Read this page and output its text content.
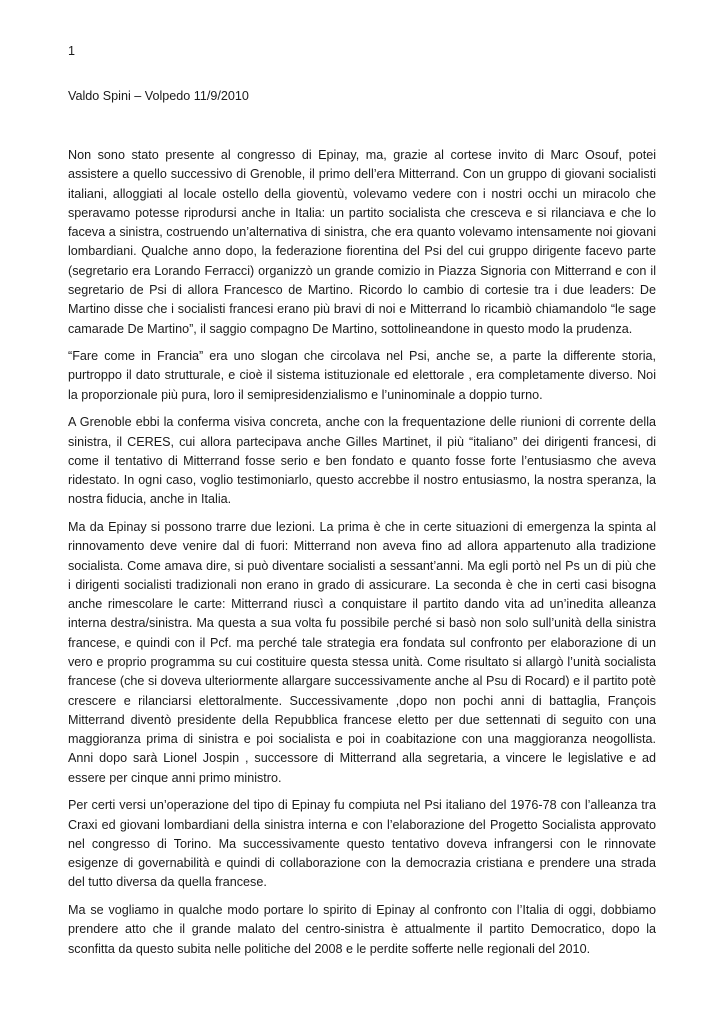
1

Valdo Spini – Volpedo 11/9/2010

Non sono stato presente al congresso di Epinay, ma, grazie al cortese invito di Marc Osouf, potei assistere a quello successivo di Grenoble, il primo dell’era Mitterrand. Con un gruppo di giovani socialisti italiani, alloggiati al locale ostello della gioventù, volevamo vedere con i nostri occhi un miracolo che speravamo potesse riprodursi anche in Italia: un partito socialista che cresceva e si rilanciava e che lo faceva a sinistra, costruendo un’alternativa di sinistra, che era quanto volevamo intensamente noi giovani lombardiani. Qualche anno dopo, la federazione fiorentina del Psi del cui gruppo dirigente facevo parte (segretario era Lorando Ferracci) organizzò un grande comizio in Piazza Signoria con Mitterrand e con il segretario de Psi di allora Francesco de Martino. Ricordo lo cambio di cortesie tra i due leaders: De Martino disse che i socialisti francesi erano più bravi di noi e Mitterrand lo ricambiò chiamandolo “le sage camarade De Martino”, il saggio compagno De Martino, sottolineandone in questo modo la prudenza.

“Fare come in Francia” era uno slogan che circolava nel Psi, anche se, a parte la differente storia, purtroppo il dato strutturale, e cioè il sistema istituzionale ed elettorale , era completamente diverso. Noi la proporzionale più pura, loro il semipresidenzialismo e l’uninominale a doppio turno.

A Grenoble ebbi la conferma visiva concreta, anche con la frequentazione delle riunioni di corrente della sinistra, il CERES, cui allora partecipava anche Gilles Martinet, il più “italiano” dei dirigenti francesi, di come il tentativo di Mitterrand fosse serio e ben fondato e quanto fosse forte l’entusiasmo che aveva ridestato. In ogni caso, voglio testimoniarlo, questo accrebbe il nostro entusiasmo, la nostra speranza, la nostra fiducia, anche in Italia.

Ma da Epinay si possono trarre due lezioni. La prima è che in certe situazioni di emergenza la spinta al rinnovamento deve venire dal di fuori: Mitterrand non aveva fino ad allora appartenuto alla tradizione socialista. Come amava dire, si può diventare socialisti a sessant’anni. Ma egli portò nel Ps un di più che i dirigenti socialisti tradizionali non erano in grado di assicurare. La seconda è che in certi casi bisogna anche rimescolare le carte: Mitterrand riuscì a conquistare il partito dando vita ad un’inedita alleanza interna destra/sinistra. Ma questa a sua volta fu possibile perché si basò non solo sull’unità della sinistra francese, e quindi con il Pcf. ma perché tale strategia era fondata sul confronto per elaborazione di un vero e proprio programma su cui costituire questa stessa unità. Come risultato si allargò l’unità socialista francese (che si doveva ulteriormente allargare successivamente anche al Psu di Rocard) e il partito potè crescere e rilanciarsi elettoralmente. Successivamente ,dopo non pochi anni di battaglia, François Mitterrand diventò presidente della Repubblica francese eletto per due settennati di seguito con una maggioranza prima di sinistra e poi socialista e poi in coabitazione con una maggioranza neogollista. Anni dopo sarà Lionel Jospin , successore di Mitterrand alla segretaria, a vincere le legislative e ad essere per cinque anni primo ministro.

Per certi versi un’operazione del tipo di Epinay fu compiuta nel Psi italiano del 1976-78 con l’alleanza tra Craxi ed giovani lombardiani della sinistra interna e con l’elaborazione del Progetto Socialista approvato nel congresso di Torino. Ma successivamente questo tentativo doveva infrangersi con le rinnovate esigenze di governabilità e quindi di collaborazione con la democrazia cristiana e prendere una strada del tutto diversa da quella francese.

Ma se vogliamo in qualche modo portare lo spirito di Epinay al confronto con l’Italia di oggi, dobbiamo prendere atto che il grande malato del centro-sinistra è attualmente il partito Democratico, dopo la sconfitta da questo subita nelle politiche del 2008 e le perdite sofferte nelle regionali del 2010.
